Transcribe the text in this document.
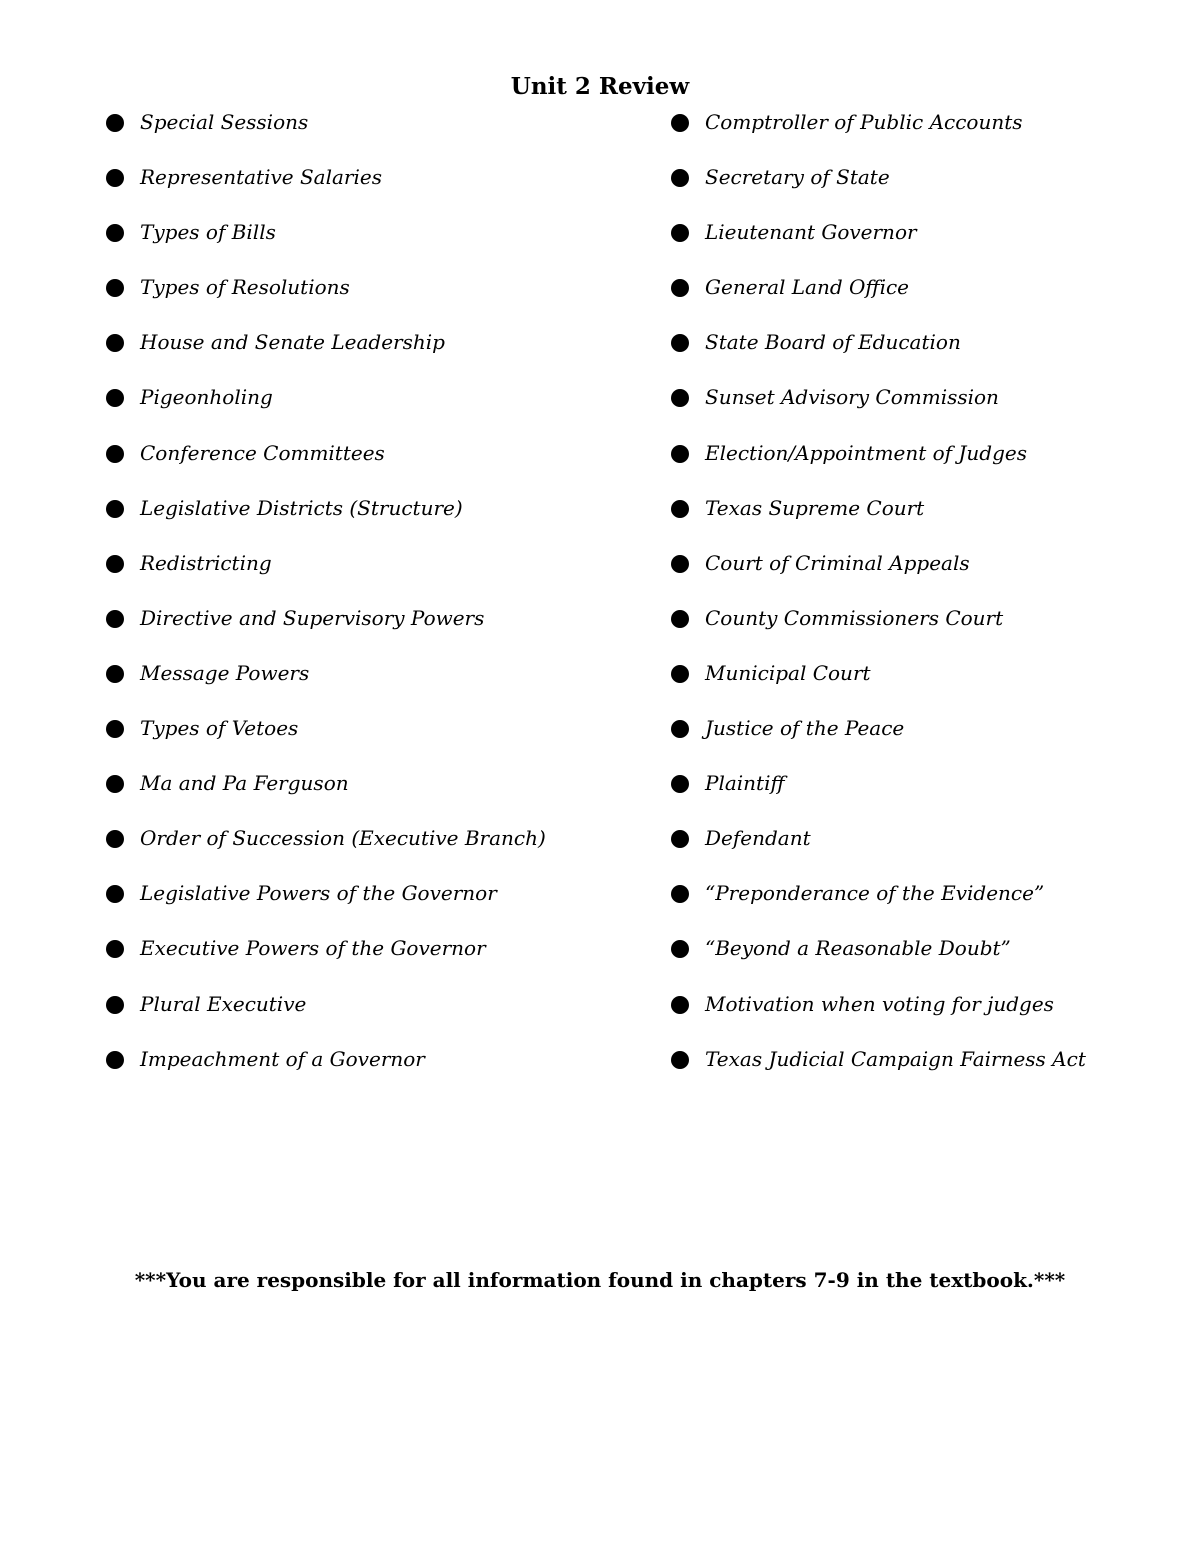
Unit 2 Review
Special Sessions
Representative Salaries
Types of Bills
Types of Resolutions
House and Senate Leadership
Pigeonholing
Conference Committees
Legislative Districts (Structure)
Redistricting
Directive and Supervisory Powers
Message Powers
Types of Vetoes
Ma and Pa Ferguson
Order of Succession (Executive Branch)
Legislative Powers of the Governor
Executive Powers of the Governor
Plural Executive
Impeachment of a Governor
Comptroller of Public Accounts
Secretary of State
Lieutenant Governor
General Land Office
State Board of Education
Sunset Advisory Commission
Election/Appointment of Judges
Texas Supreme Court
Court of Criminal Appeals
County Commissioners Court
Municipal Court
Justice of the Peace
Plaintiff
Defendant
“Preponderance of the Evidence”
“Beyond a Reasonable Doubt”
Motivation when voting for judges
Texas Judicial Campaign Fairness Act

***You are responsible for all information found in chapters 7-9 in the textbook.***
